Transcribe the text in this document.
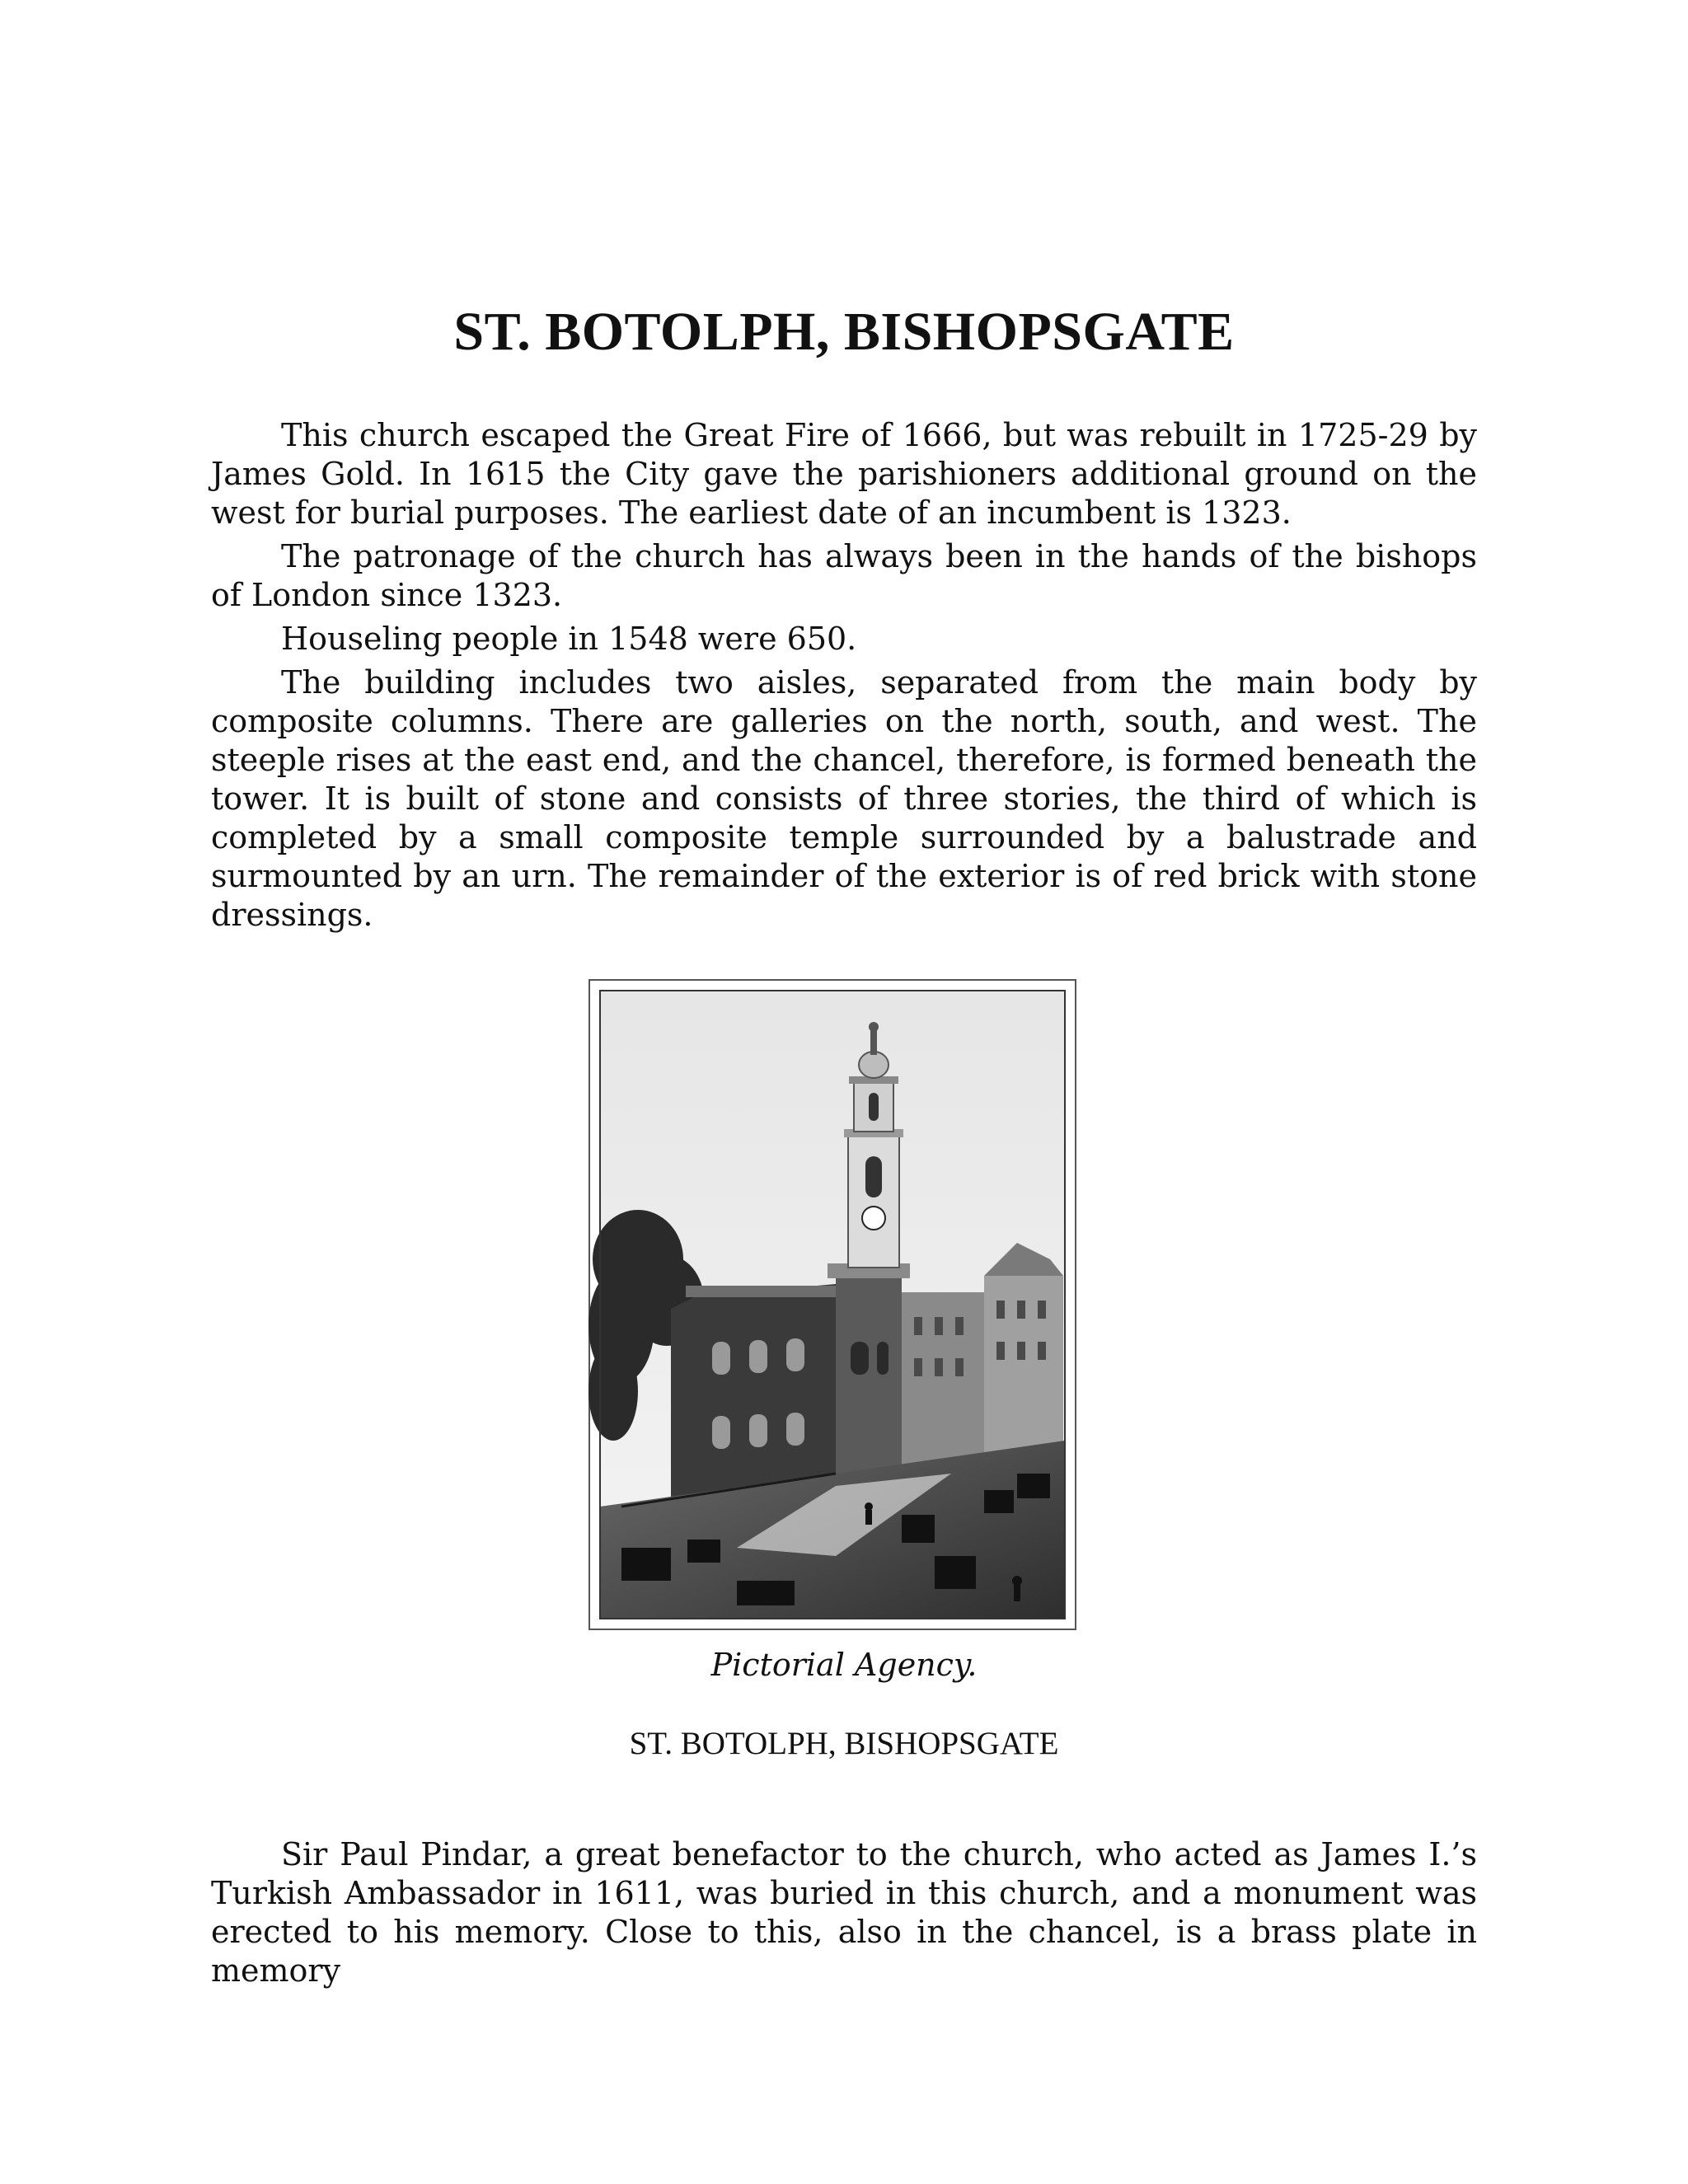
ST. BOTOLPH, BISHOPSGATE

This church escaped the Great Fire of 1666, but was rebuilt in 1725-29 by James Gold. In 1615 the City gave the parishioners additional ground on the west for burial purposes. The earliest date of an incumbent is 1323.

The patronage of the church has always been in the hands of the bishops of London since 1323.

Houseling people in 1548 were 650.

The building includes two aisles, separated from the main body by composite columns. There are galleries on the north, south, and west. The steeple rises at the east end, and the chancel, therefore, is formed beneath the tower. It is built of stone and consists of three stories, the third of which is completed by a small composite temple surrounded by a balustrade and surmounted by an urn. The remainder of the exterior is of red brick with stone dressings.

Pictorial Agency.
ST. BOTOLPH, BISHOPSGATE

Sir Paul Pindar, a great benefactor to the church, who acted as James I.’s Turkish Ambassador in 1611, was buried in this church, and a monument was erected to his memory. Close to this, also in the chancel, is a brass plate in memory
